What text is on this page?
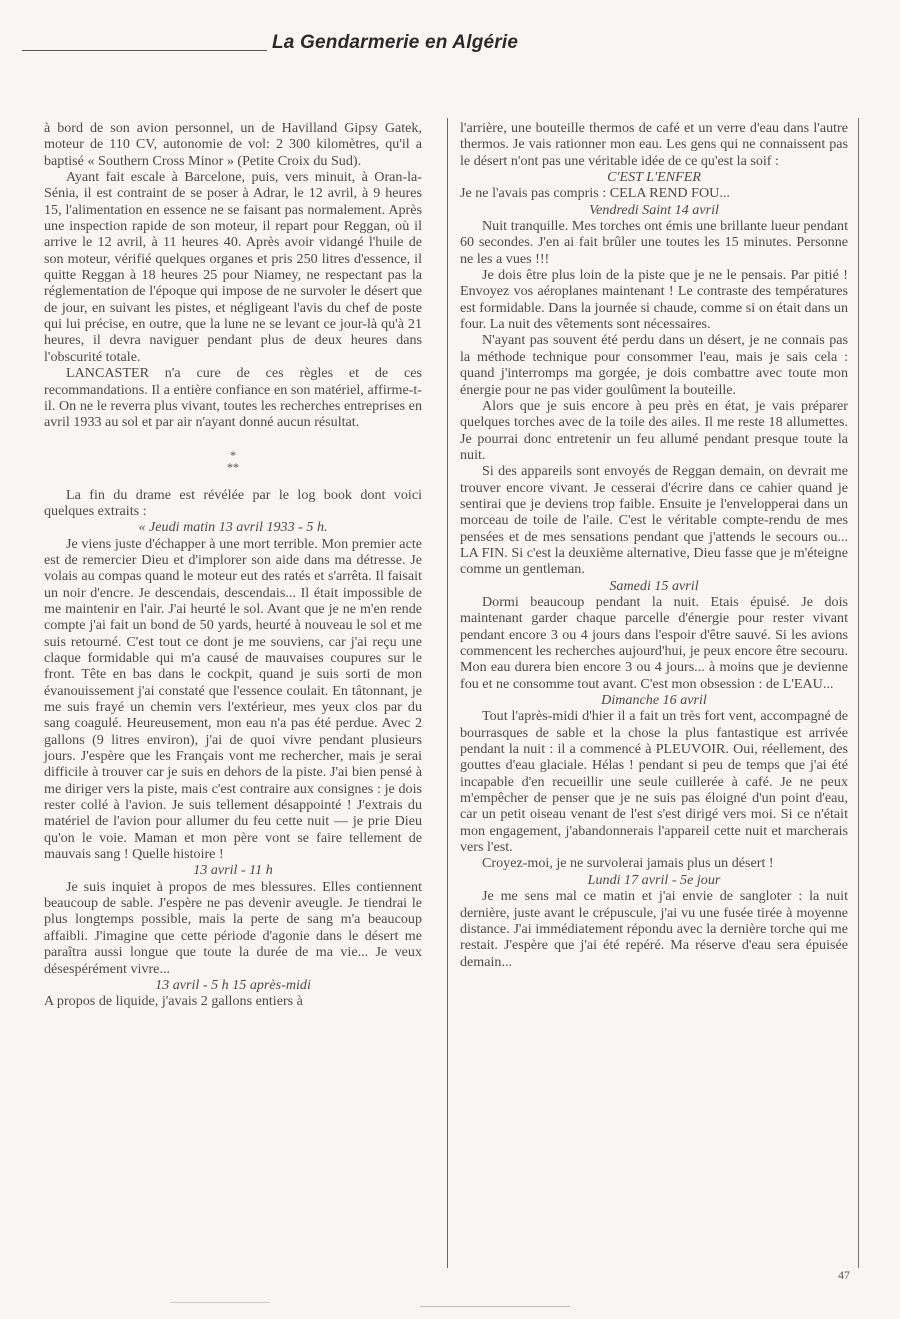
La Gendarmerie en Algérie

à bord de son avion personnel, un de Havilland Gipsy Gatek, moteur de 110 CV, autonomie de vol: 2 300 kilomètres, qu'il a baptisé « Southern Cross Minor » (Petite Croix du Sud).

Ayant fait escale à Barcelone, puis, vers minuit, à Oran-la-Sénia, il est contraint de se poser à Adrar, le 12 avril, à 9 heures 15, l'alimentation en essence ne se faisant pas normalement. Après une inspection rapide de son moteur, il repart pour Reggan, où il arrive le 12 avril, à 11 heures 40. Après avoir vidangé l'huile de son moteur, vérifié quelques organes et pris 250 litres d'essence, il quitte Reggan à 18 heures 25 pour Niamey, ne respectant pas la réglementation de l'époque qui impose de ne survoler le désert que de jour, en suivant les pistes, et négligeant l'avis du chef de poste qui lui précise, en outre, que la lune ne se levant ce jour-là qu'à 21 heures, il devra naviguer pendant plus de deux heures dans l'obscurité totale.

LANCASTER n'a cure de ces règles et de ces recommandations. Il a entière confiance en son matériel, affirme-t-il. On ne le reverra plus vivant, toutes les recherches entreprises en avril 1933 au sol et par air n'ayant donné aucun résultat.

*
**

La fin du drame est révélée par le log book dont voici quelques extraits :

« Jeudi matin 13 avril 1933 - 5 h.

Je viens juste d'échapper à une mort terrible. Mon premier acte est de remercier Dieu et d'implorer son aide dans ma détresse. Je volais au compas quand le moteur eut des ratés et s'arrêta. Il faisait un noir d'encre. Je descendais, descendais... Il était impossible de me maintenir en l'air. J'ai heurté le sol. Avant que je ne m'en rende compte j'ai fait un bond de 50 yards, heurté à nouveau le sol et me suis retourné. C'est tout ce dont je me souviens, car j'ai reçu une claque formidable qui m'a causé de mauvaises coupures sur le front. Tête en bas dans le cockpit, quand je suis sorti de mon évanouissement j'ai constaté que l'essence coulait. En tâtonnant, je me suis frayé un chemin vers l'extérieur, mes yeux clos par du sang coagulé. Heureusement, mon eau n'a pas été perdue. Avec 2 gallons (9 litres environ), j'ai de quoi vivre pendant plusieurs jours. J'espère que les Français vont me rechercher, mais je serai difficile à trouver car je suis en dehors de la piste. J'ai bien pensé à me diriger vers la piste, mais c'est contraire aux consignes : je dois rester collé à l'avion. Je suis tellement désappointé ! J'extrais du matériel de l'avion pour allumer du feu cette nuit — je prie Dieu qu'on le voie. Maman et mon père vont se faire tellement de mauvais sang ! Quelle histoire !

13 avril - 11 h

Je suis inquiet à propos de mes blessures. Elles contiennent beaucoup de sable. J'espère ne pas devenir aveugle. Je tiendrai le plus longtemps possible, mais la perte de sang m'a beaucoup affaibli. J'imagine que cette période d'agonie dans le désert me paraîtra aussi longue que toute la durée de ma vie... Je veux désespérément vivre...

13 avril - 5 h 15 après-midi

A propos de liquide, j'avais 2 gallons entiers à

l'arrière, une bouteille thermos de café et un verre d'eau dans l'autre thermos. Je vais rationner mon eau. Les gens qui ne connaissent pas le désert n'ont pas une véritable idée de ce qu'est la soif :

C'EST L'ENFER

Je ne l'avais pas compris : CELA REND FOU...

Vendredi Saint 14 avril

Nuit tranquille. Mes torches ont émis une brillante lueur pendant 60 secondes. J'en ai fait brûler une toutes les 15 minutes. Personne ne les a vues !!!

Je dois être plus loin de la piste que je ne le pensais. Par pitié ! Envoyez vos aéroplanes maintenant ! Le contraste des températures est formidable. Dans la journée si chaude, comme si on était dans un four. La nuit des vêtements sont nécessaires.

N'ayant pas souvent été perdu dans un désert, je ne connais pas la méthode technique pour consommer l'eau, mais je sais cela : quand j'interromps ma gorgée, je dois combattre avec toute mon énergie pour ne pas vider goulûment la bouteille.

Alors que je suis encore à peu près en état, je vais préparer quelques torches avec de la toile des ailes. Il me reste 18 allumettes. Je pourrai donc entretenir un feu allumé pendant presque toute la nuit.

Si des appareils sont envoyés de Reggan demain, on devrait me trouver encore vivant. Je cesserai d'écrire dans ce cahier quand je sentirai que je deviens trop faible. Ensuite je l'envelopperai dans un morceau de toile de l'aile. C'est le véritable compte-rendu de mes pensées et de mes sensations pendant que j'attends le secours ou... LA FIN. Si c'est la deuxième alternative, Dieu fasse que je m'éteigne comme un gentleman.

Samedi 15 avril

Dormi beaucoup pendant la nuit. Etais épuisé. Je dois maintenant garder chaque parcelle d'énergie pour rester vivant pendant encore 3 ou 4 jours dans l'espoir d'être sauvé. Si les avions commencent les recherches aujourd'hui, je peux encore être secouru. Mon eau durera bien encore 3 ou 4 jours... à moins que je devienne fou et ne consomme tout avant. C'est mon obsession : de L'EAU...

Dimanche 16 avril

Tout l'après-midi d'hier il a fait un très fort vent, accompagné de bourrasques de sable et la chose la plus fantastique est arrivée pendant la nuit : il a commencé à PLEUVOIR. Oui, réellement, des gouttes d'eau glaciale. Hélas ! pendant si peu de temps que j'ai été incapable d'en recueillir une seule cuillerée à café. Je ne peux m'empêcher de penser que je ne suis pas éloigné d'un point d'eau, car un petit oiseau venant de l'est s'est dirigé vers moi. Si ce n'était mon engagement, j'abandonnerais l'appareil cette nuit et marcherais vers l'est.

Croyez-moi, je ne survolerai jamais plus un désert !

Lundi 17 avril - 5e jour

Je me sens mal ce matin et j'ai envie de sangloter : la nuit dernière, juste avant le crépuscule, j'ai vu une fusée tirée à moyenne distance. J'ai immédiatement répondu avec la dernière torche qui me restait. J'espère que j'ai été repéré. Ma réserve d'eau sera épuisée demain...

47
